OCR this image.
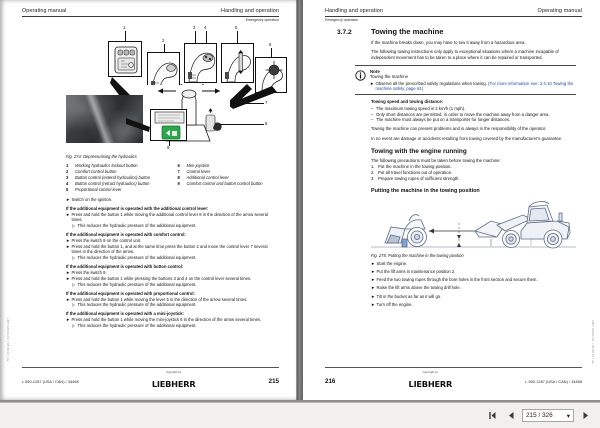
Operating manual	Handling and operation
Emergency operation
1
2
3 4	5
6
7
8
9
Fig. 274: Depressurising the hydraulics
1	Working hydraulics lockout button
2	Comfort control button
3	Button control (extend hydraulics) button
4	Button control (retract hydraulics) button
5	Proportional control lever
6	Mini-joystick
7	Control lever
8	Additional control lever
9	Comfort control and button control button
► Switch on the ignition.
If the additional equipment is operated with the additional control lever:
► Press and hold the button 1 while moving the additional control lever 8 in the direction of the arrow several times.
▷ This reduces the hydraulic pressure of the additional equipment.
If the additional equipment is operated with comfort control:
► Press the switch 9 on the control unit.
► Press and hold the button 1, and at the same time press the button 2 and move the control lever 7 several times in the direction of the arrow.
▷ This reduces the hydraulic pressure of the additional equipment.
If the additional equipment is operated with button control:
► Press the switch 9.
► Press and hold the button 1 while pressing the buttons 3 and 4 on the control lever several times.
▷ This reduces the hydraulic pressure of the additional equipment.
If the additional equipment is operated with proportional control:
► Press and hold the button 1 while moving the lever 5 in the direction of the arrow several times.
▷ This reduces the hydraulic pressure of the additional equipment.
If the additional equipment is operated with a mini-joystick:
► Press and hold the button 1 while moving the mini-joystick 6 in the direction of the arrow several times.
▷ This reduces the hydraulic pressure of the additional equipment.
LBH 12000-01 / 08.2015 / de
L 550-1287 (USA / CAN) / 34468
copyright by
LIEBHERR	215
Handling and operation	Operating manual
Emergency operation
3.7.2	Towing the machine
If the machine breaks down, you may have to tow it away from a hazardous area.
The following towing instructions only apply to exceptional situations where a machine incapable of independent movement has to be taken to a place where it can be repaired or transported.
Note
Towing the machine
► Observe all the prescribed safety regulations when towing. (For more information see: 2.4.10 Towing the machine safely, page 61)
Towing speed and towing distance:
– The maximum towing speed is 2 km/h (1 mph).
– Only short distances are permitted, in order to move the machine away from a danger area.
– The machine must always be put on a transporter for longer distances.
Towing the machine can present problems and is always in the responsibility of the operator.
In no event are damage or accidents resulting from towing covered by the manufacturer's guarantee.
Towing with the engine running
The following precautions must be taken before towing the machine:
1. Put the machine in the towing position.
2. Put all travel functions out of operation.
3. Prepare towing ropes of sufficient strength.
Putting the machine in the towing position
Fig. 275: Putting the machine in the towing position
► Start the engine.
► Put the lift arms in maintenance position 2.
► Feed the two towing ropes through the bore holes in the front section and secure them.
► Raise the lift arms above the towing drill hole.
► Tilt in the bucket as far as it will go.
► Turn off the engine.
LBH 12000-01 / 08.2015 / de
216
copyright by
LIEBHERR	L 550-1287 (USA / CAN) / 34468
215 / 326 ▾
